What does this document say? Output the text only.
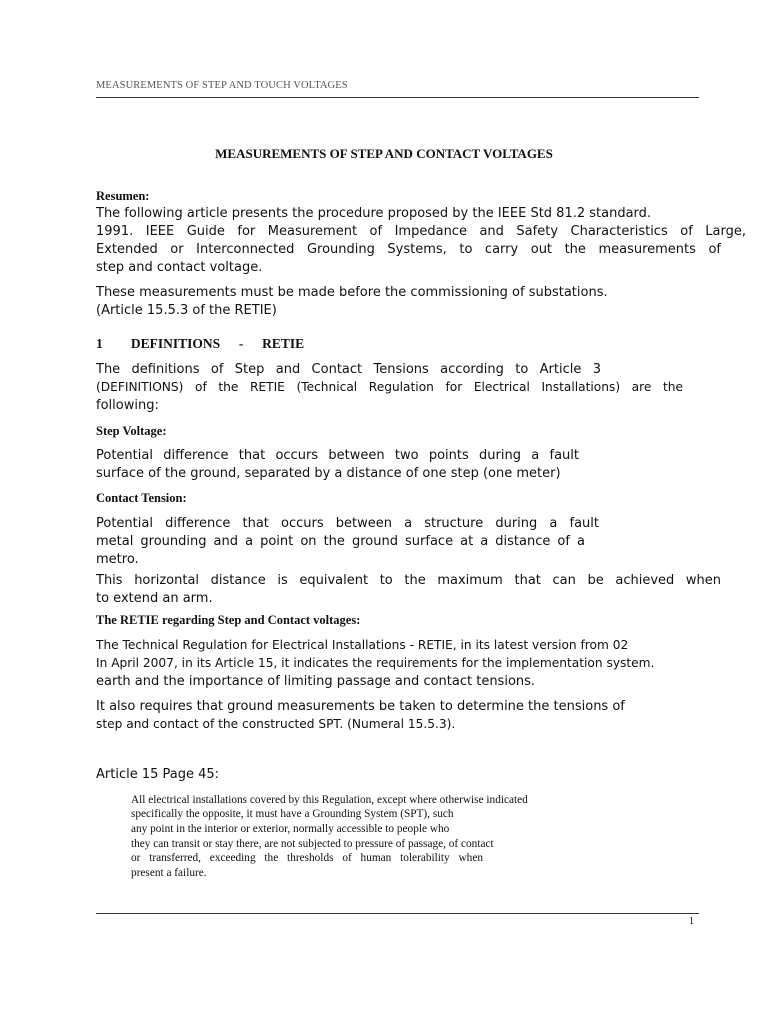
MEASUREMENTS OF STEP AND TOUCH VOLTAGES
MEASUREMENTS OF STEP AND CONTACT VOLTAGES
Resumen:
The following article presents the procedure proposed by the IEEE Std 81.2 standard.
1991. IEEE Guide for Measurement of Impedance and Safety Characteristics of Large,
Extended or Interconnected Grounding Systems, to carry out the measurements of
step and contact voltage.
These measurements must be made before the commissioning of substations.
(Article 15.5.3 of the RETIE)
1   DEFINITIONS  -  RETIE
The definitions of Step and Contact Tensions according to Article 3
(DEFINITIONS) of the RETIE (Technical Regulation for Electrical Installations) are the
following:
Step Voltage:
Potential difference that occurs between two points during a fault
surface of the ground, separated by a distance of one step (one meter)
Contact Tension:
Potential difference that occurs between a structure during a fault
metal grounding and a point on the ground surface at a distance of a
metro.
This horizontal distance is equivalent to the maximum that can be achieved when
to extend an arm.
The RETIE regarding Step and Contact voltages:
The Technical Regulation for Electrical Installations - RETIE, in its latest version from 02
In April 2007, in its Article 15, it indicates the requirements for the implementation system.
earth and the importance of limiting passage and contact tensions.
It also requires that ground measurements be taken to determine the tensions of
step and contact of the constructed SPT. (Numeral 15.5.3).
Article 15 Page 45:
All electrical installations covered by this Regulation, except where otherwise indicated
specifically the opposite, it must have a Grounding System (SPT), such
any point in the interior or exterior, normally accessible to people who
they can transit or stay there, are not subjected to pressure of passage, of contact
or transferred, exceeding the thresholds of human tolerability when
present a failure.
1
